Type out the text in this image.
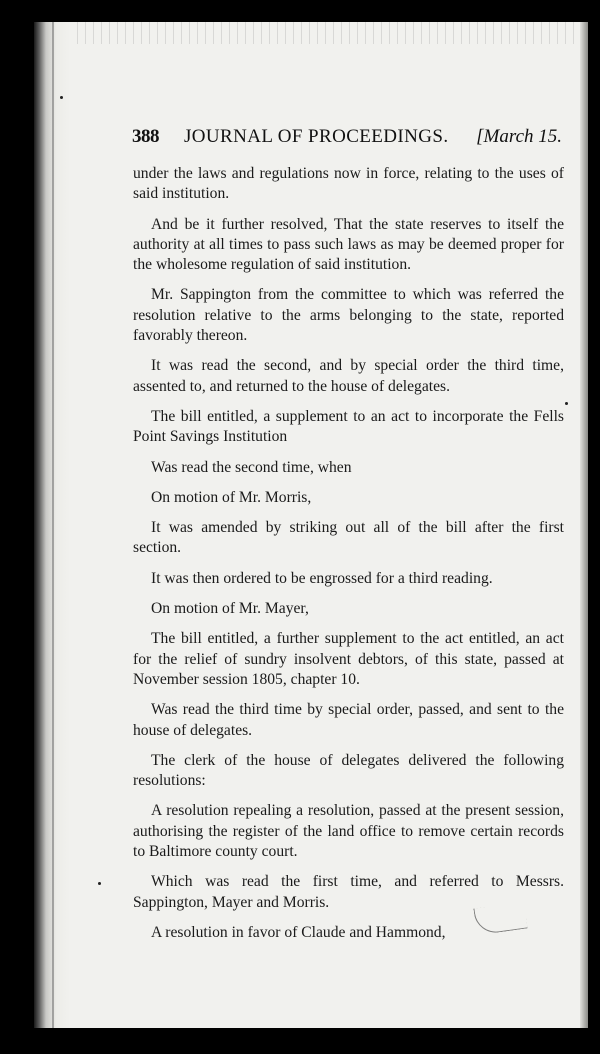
388 JOURNAL OF PROCEEDINGS. [March 15.

under the laws and regulations now in force, relating to the uses of said institution.

And be it further resolved, That the state reserves to itself the authority at all times to pass such laws as may be deemed proper for the wholesome regulation of said institution.

Mr. Sappington from the committee to which was referred the resolution relative to the arms belonging to the state, reported favorably thereon.

It was read the second, and by special order the third time, assented to, and returned to the house of delegates.

The bill entitled, a supplement to an act to incorporate the Fells Point Savings Institution

Was read the second time, when

On motion of Mr. Morris,

It was amended by striking out all of the bill after the first section.

It was then ordered to be engrossed for a third reading.

On motion of Mr. Mayer,

The bill entitled, a further supplement to the act entitled, an act for the relief of sundry insolvent debtors, of this state, passed at November session 1805, chapter 10.

Was read the third time by special order, passed, and sent to the house of delegates.

The clerk of the house of delegates delivered the following resolutions:

A resolution repealing a resolution, passed at the present session, authorising the register of the land office to remove certain records to Baltimore county court.

Which was read the first time, and referred to Messrs. Sappington, Mayer and Morris.

A resolution in favor of Claude and Hammond,
